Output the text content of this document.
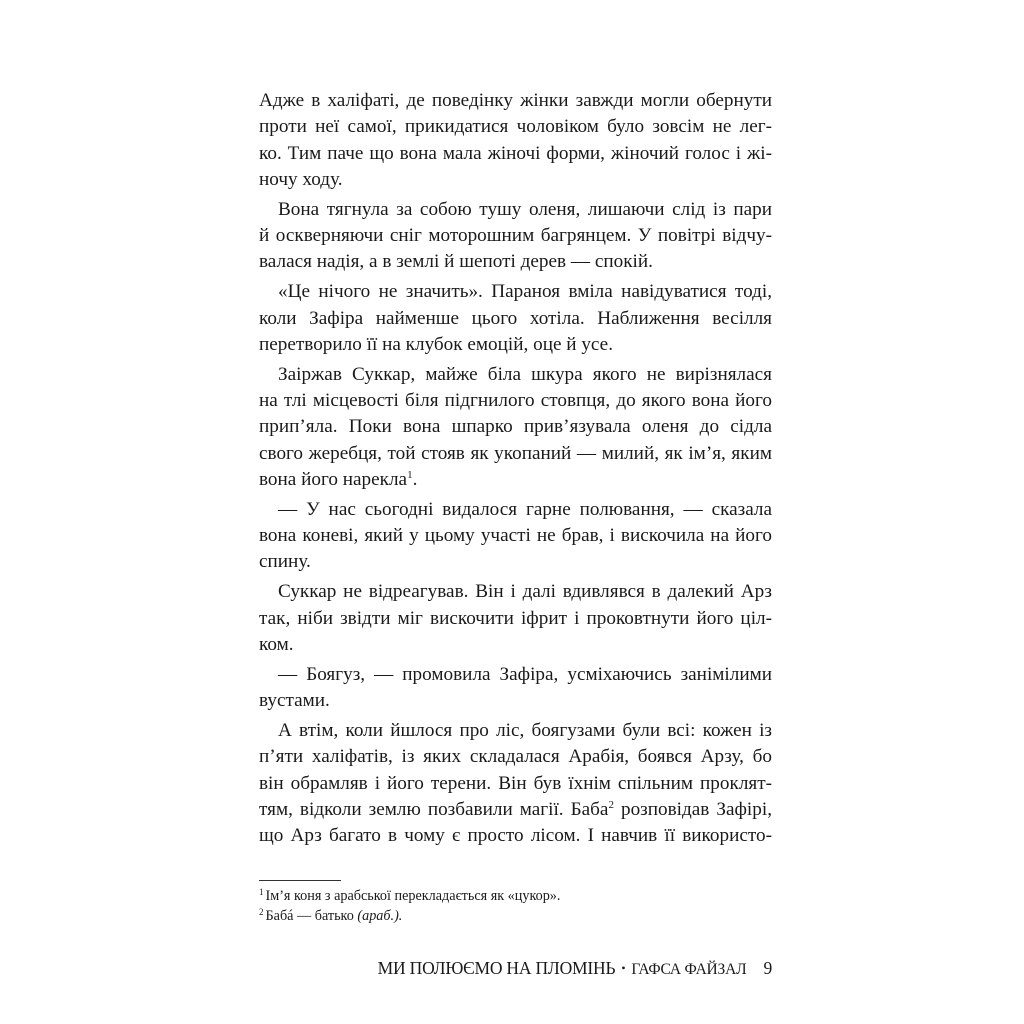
Адже в халіфаті, де поведінку жінки завжди могли обернути
проти неї самої, прикидатися чоловіком було зовсім не лег-
ко. Тим паче що вона мала жіночі форми, жіночий голос і жі-
ночу ходу.

Вона тягнула за собою тушу оленя, лишаючи слід із пари
й оскверняючи сніг моторошним багрянцем. У повітрі відчу-
валася надія, а в землі й шепоті дерев — спокій.

«Це нічого не значить». Параноя вміла навідуватися тоді,
коли Зафіра найменше цього хотіла. Наближення весілля
перетворило її на клубок емоцій, оце й усе.

Заіржав Суккар, майже біла шкура якого не вирізнялася
на тлі місцевості біля підгнилого стовпця, до якого вона його
прип’яла. Поки вона шпарко прив’язувала оленя до сідла
свого жеребця, той стояв як укопаний — милий, як ім’я, яким
вона його нарекла$^1$.

— У нас сьогодні видалося гарне полювання, — сказала
вона коневі, який у цьому участі не брав, і вискочила на його
спину.

Суккар не відреагував. Він і далі вдивлявся в далекий Арз
так, ніби звідти міг вискочити іфрит і проковтнути його ціл-
ком.

— Боягуз, — промовила Зафіра, усміхаючись занімілими
вустами.

А втім, коли йшлося про ліс, боягузами були всі: кожен із
п’яти халіфатів, із яких складалася Арабія, боявся Арзу, бо
він обрамляв і його терени. Він був їхнім спільним проклят-
тям, відколи землю позбавили магії. Баба$^2$ розповідав Зафірі,
що Арз багато в чому є просто лісом. І навчив її використо-

$^1$ Ім’я коня з арабської перекладається як «цукор».
$^2$ Бабá — батько (араб.).
МИ ПОЛЮЄМО НА ПЛОМІНЬ • ГАФСА ФАЙЗАЛ 9
